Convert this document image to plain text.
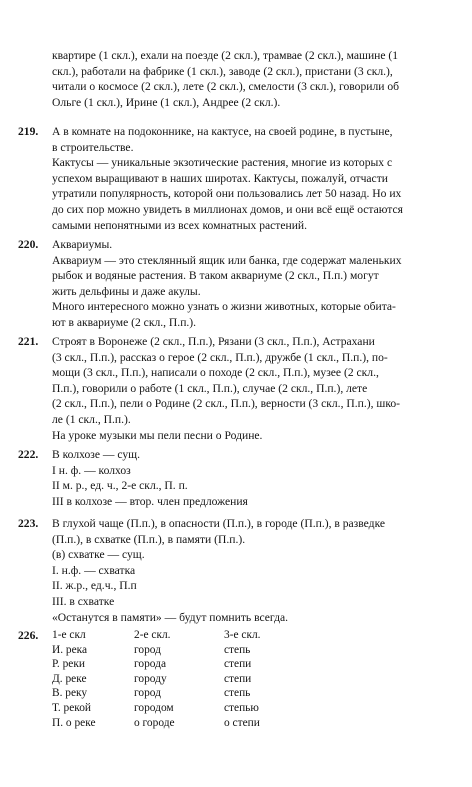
квартире (1 скл.), ехали на поезде (2 скл.), трамвае (2 скл.), машине (1

скл.), работали на фабрике (1 скл.), заводе (2 скл.), пристани (3 скл.),

читали о космосе (2 скл.), лете (2 скл.), смелости (3 скл.), говорили об

Ольге (1 скл.), Ирине (1 скл.), Андрее (2 скл.).

219. А в комнате на подоконнике, на кактусе, на своей родине, в пустыне,

в строительстве.

Кактусы — уникальные экзотические растения, многие из которых с

успехом выращивают в наших широтах. Кактусы, пожалуй, отчасти

утратили популярность, которой они пользовались лет 50 назад. Но их

до сих пор можно увидеть в миллионах домов, и они всё ещё остаются

самыми непонятными из всех комнатных растений.

220. Аквариумы.

Аквариум — это стеклянный ящик или банка, где содержат маленьких

рыбок и водяные растения. В таком аквариуме (2 скл., П.п.) могут

жить дельфины и даже акулы.

Много интересного можно узнать о жизни животных, которые обита-

ют в аквариуме (2 скл., П.п.).

221. Строят в Воронеже (2 скл., П.п.), Рязани (3 скл., П.п.), Астрахани

(3 скл., П.п.), рассказ о герое (2 скл., П.п.), дружбе (1 скл., П.п.), по-

мощи (3 скл., П.п.), написали о походе (2 скл., П.п.), музее (2 скл.,

П.п.), говорили о работе (1 скл., П.п.), случае (2 скл., П.п.), лете

(2 скл., П.п.), пели о Родине (2 скл., П.п.), верности (3 скл., П.п.), шко-

ле (1 скл., П.п.).

На уроке музыки мы пели песни о Родине.

222. В колхозе — сущ.

I н. ф. — колхоз

II м. р., ед. ч., 2-е скл., П. п.

III в колхозе — втор. член предложения

223. В глухой чаще (П.п.), в опасности (П.п.), в городе (П.п.), в разведке

(П.п.), в схватке (П.п.), в памяти (П.п.).

(в) схватке — сущ.

I. н.ф. — схватка

II. ж.р., ед.ч., П.п

III. в схватке

«Останутся в памяти» — будут помнить всегда.

226. 1-е скл	2-е скл.	3-е скл.
И. река	город	степь
Р. реки	города	степи
Д. реке	городу	степи
В. реку	город	степь
Т. рекой	городом	степью
П. о реке	о городе	о степи
